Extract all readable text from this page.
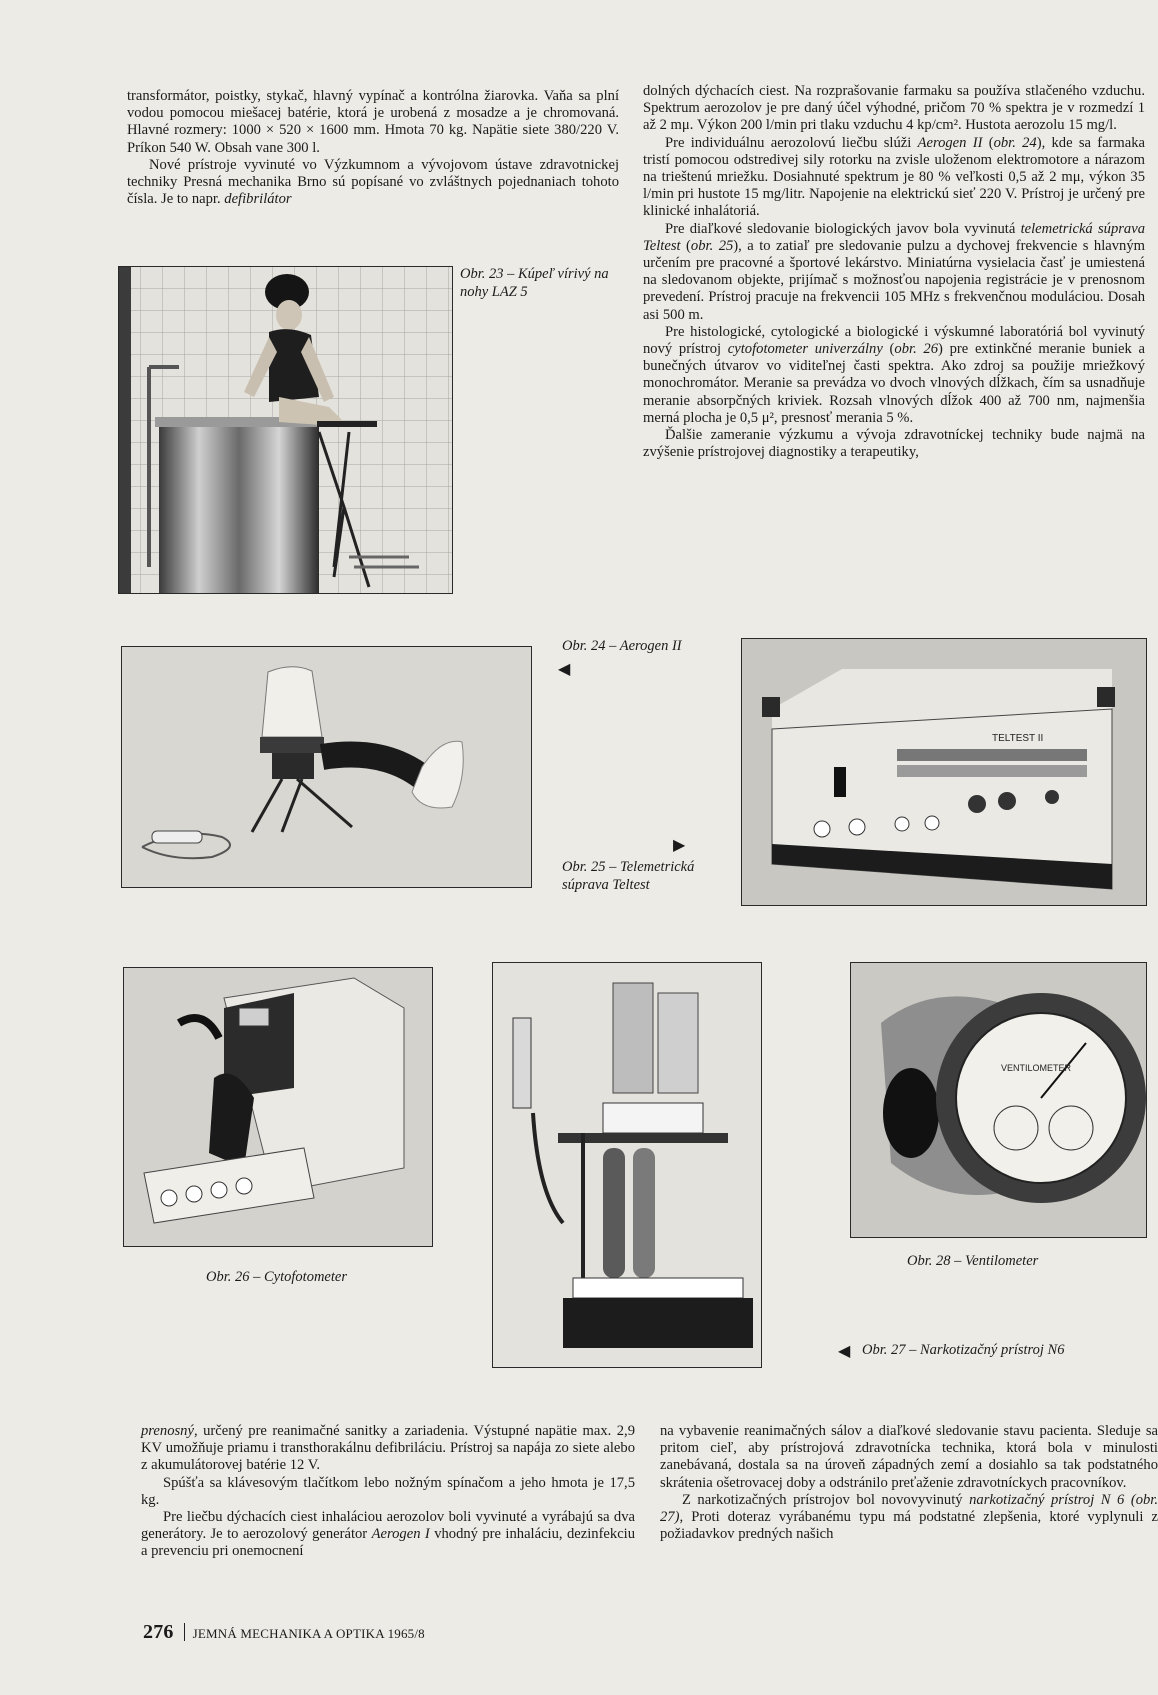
transformátor, poistky, stykač, hlavný vypínač a kontrólna žiarovka. Vaňa sa plní vodou pomocou miešacej batérie, ktorá je urobená z mosadze a je chromovaná. Hlavné rozmery: 1000 × 520 × 1600 mm. Hmota 70 kg. Napätie siete 380/220 V. Príkon 540 W. Obsah vane 300 l.

Nové prístroje vyvinuté vo Výzkumnom a vývojovom ústave zdravotnickej techniky Presná mechanika Brno sú popísané vo zvláštnych pojednaniach tohoto čísla. Je to napr. defibrilátor

dolných dýchacích ciest. Na rozprašovanie farmaku sa používa stlačeného vzduchu. Spektrum aerozolov je pre daný účel výhodné, pričom 70 % spektra je v rozmedzí 1 až 2 mμ. Výkon 200 l/min pri tlaku vzduchu 4 kp/cm². Hustota aerozolu 15 mg/l.

Pre individuálnu aerozolovú liečbu slúži Aerogen II (obr. 24), kde sa farmaka tristí pomocou odstredivej sily rotorku na zvisle uloženom elektromotore a nárazom na trieštenú mriežku. Dosiahnuté spektrum je 80 % veľkosti 0,5 až 2 mμ, výkon 35 l/min pri hustote 15 mg/litr. Napojenie na elektrickú sieť 220 V. Prístroj je určený pre klinické inhalátoriá.

Pre diaľkové sledovanie biologických javov bola vyvinutá telemetrická súprava Teltest (obr. 25), a to zatiaľ pre sledovanie pulzu a dychovej frekvencie s hlavným určením pre pracovné a športové lekárstvo. Miniatúrna vysielacia časť je umiestená na sledovanom objekte, prijímač s možnosťou napojenia registrácie je v prenosnom prevedení. Prístroj pracuje na frekvencii 105 MHz s frekvenčnou moduláciou. Dosah asi 500 m.

Pre histologické, cytologické a biologické i výskumné laboratóriá bol vyvinutý nový prístroj cytofotometer univerzálny (obr. 26) pre extinkčné meranie buniek a bunečných útvarov vo viditeľnej časti spektra. Ako zdroj sa použije mriežkový monochromátor. Meranie sa prevádza vo dvoch vlnových dĺžkach, čím sa usnadňuje meranie absorpčných kriviek. Rozsah vlnových dĺžok 400 až 700 nm, najmenšia merná plocha je 0,5 μ², presnosť merania 5 %.

Ďalšie zameranie výzkumu a vývoja zdravotníckej techniky bude najmä na zvýšenie prístrojovej diagnostiky a terapeutiky,

Obr. 23 – Kúpeľ vírivý na nohy LAZ 5
Obr. 24 – Aerogen II
◀
TELTEST II
▶
Obr. 25 – Telemetrická súprava Teltest
Obr. 26 – Cytofotometer
◀ Obr. 27 – Narkotizačný prístroj N6
VENTILOMETER
Obr. 28 – Ventilometer

prenosný, určený pre reanimačné sanitky a zariadenia. Výstupné napätie max. 2,9 KV umožňuje priamu i transthorakálnu defibriláciu. Prístroj sa napája zo siete alebo z akumulátorovej batérie 12 V.

Spúšťa sa klávesovým tlačítkom lebo nožným spínačom a jeho hmota je 17,5 kg.

Pre liečbu dýchacích ciest inhaláciou aerozolov boli vyvinuté a vyrábajú sa dva generátory. Je to aerozolový generátor Aerogen I vhodný pre inhaláciu, dezinfekciu a prevenciu pri onemocnení

na vybavenie reanimačných sálov a diaľkové sledovanie stavu pacienta. Sleduje sa pritom cieľ, aby prístrojová zdravotnícka technika, ktorá bola v minulosti zanebávaná, dostala sa na úroveň západných zemí a dosiahlo sa tak podstatného skrátenia ošetrovacej doby a odstránilo preťaženie zdravotníckych pracovníkov.

Z narkotizačných prístrojov bol novovyvinutý narkotizačný prístroj N 6 (obr. 27), Proti doteraz vyrábanému typu má podstatné zlepšenia, ktoré vyplynuli z požiadavkov predných našich

276 JEMNÁ MECHANIKA A OPTIKA 1965/8
